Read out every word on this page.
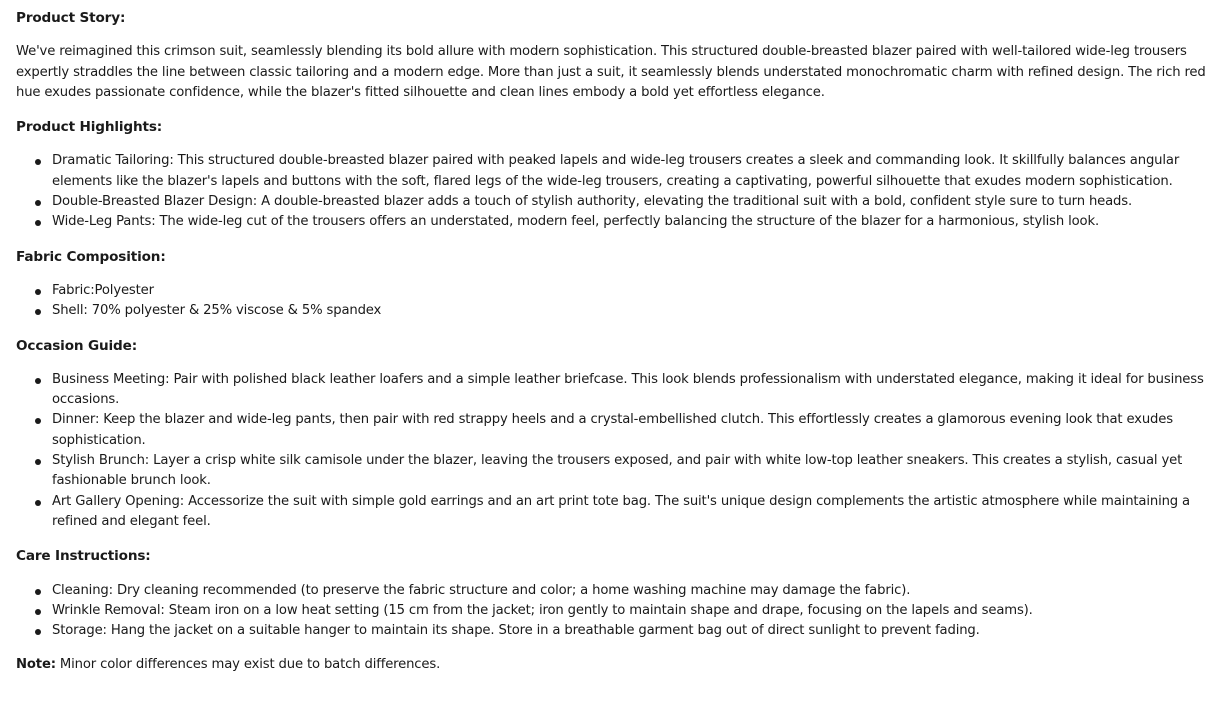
Product Story:

We've reimagined this crimson suit, seamlessly blending its bold allure with modern sophistication. This structured double-breasted blazer paired with well-tailored wide-leg trousers expertly straddles the line between classic tailoring and a modern edge. More than just a suit, it seamlessly blends understated monochromatic charm with refined design. The rich red hue exudes passionate confidence, while the blazer's fitted silhouette and clean lines embody a bold yet effortless elegance.

Product Highlights:

Dramatic Tailoring: This structured double-breasted blazer paired with peaked lapels and wide-leg trousers creates a sleek and commanding look. It skillfully balances angular elements like the blazer's lapels and buttons with the soft, flared legs of the wide-leg trousers, creating a captivating, powerful silhouette that exudes modern sophistication.
Double-Breasted Blazer Design: A double-breasted blazer adds a touch of stylish authority, elevating the traditional suit with a bold, confident style sure to turn heads.
Wide-Leg Pants: The wide-leg cut of the trousers offers an understated, modern feel, perfectly balancing the structure of the blazer for a harmonious, stylish look.

Fabric Composition:

Fabric:Polyester
Shell: 70% polyester & 25% viscose & 5% spandex

Occasion Guide:

Business Meeting: Pair with polished black leather loafers and a simple leather briefcase. This look blends professionalism with understated elegance, making it ideal for business occasions.
Dinner: Keep the blazer and wide-leg pants, then pair with red strappy heels and a crystal-embellished clutch. This effortlessly creates a glamorous evening look that exudes sophistication.
Stylish Brunch: Layer a crisp white silk camisole under the blazer, leaving the trousers exposed, and pair with white low-top leather sneakers. This creates a stylish, casual yet fashionable brunch look.
Art Gallery Opening: Accessorize the suit with simple gold earrings and an art print tote bag. The suit's unique design complements the artistic atmosphere while maintaining a refined and elegant feel.

Care Instructions:

Cleaning: Dry cleaning recommended (to preserve the fabric structure and color; a home washing machine may damage the fabric).
Wrinkle Removal: Steam iron on a low heat setting (15 cm from the jacket; iron gently to maintain shape and drape, focusing on the lapels and seams).
Storage: Hang the jacket on a suitable hanger to maintain its shape. Store in a breathable garment bag out of direct sunlight to prevent fading.

Note: Minor color differences may exist due to batch differences.
